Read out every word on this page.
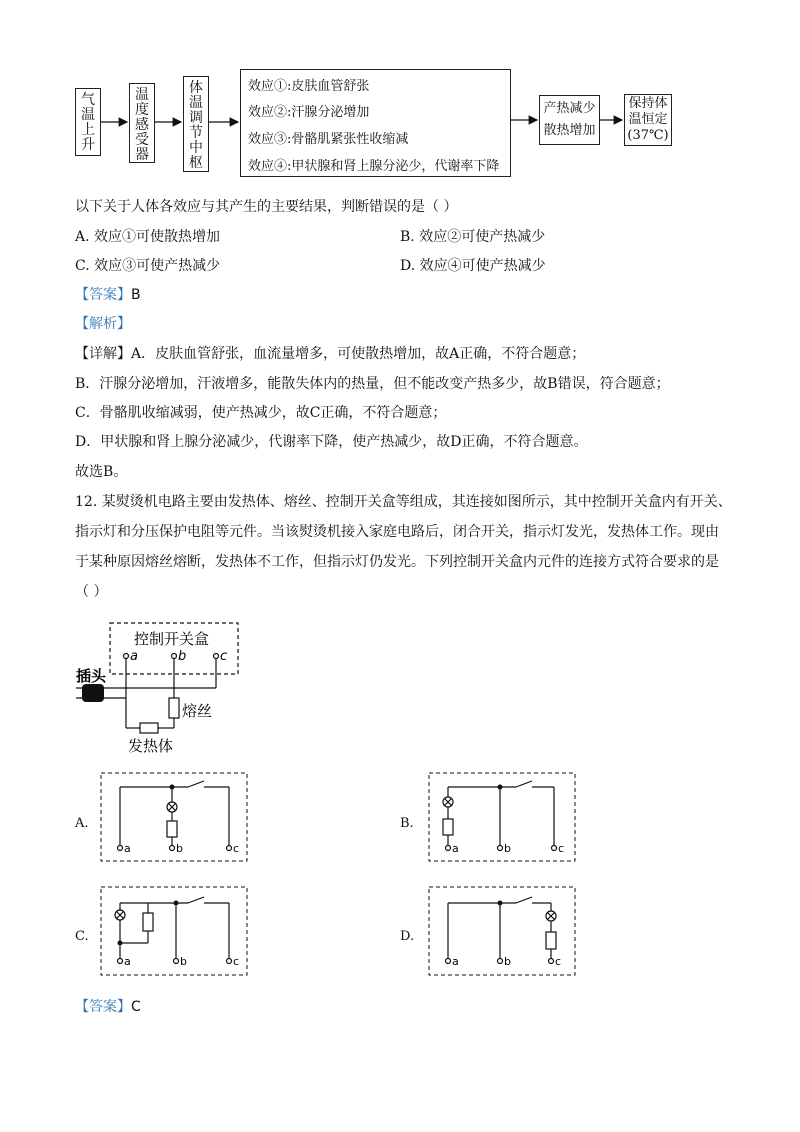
气
温
上
升
温
度
感
受
器
体
温
调
节
中
枢
效应①:皮肤血管舒张
效应②:汗腺分泌增加
效应③:骨骼肌紧张性收缩减
效应④:甲状腺和肾上腺分泌少，代谢率下降
产热减少
散热增加
保持体
温恒定
(37℃)
以下关于人体各效应与其产生的主要结果，判断错误的是（ ）
A. 效应①可使散热增加	B. 效应②可使产热减少
C. 效应③可使产热减少	D. 效应④可使产热减少
【答案】B
【解析】
【详解】A．皮肤血管舒张，血流量增多，可使散热增加，故A正确，不符合题意；
B．汗腺分泌增加，汗液增多，能散失体内的热量，但不能改变产热多少，故B错误，符合题意；
C．骨骼肌收缩减弱，使产热减少，故C正确，不符合题意；
D．甲状腺和肾上腺分泌减少，代谢率下降，使产热减少，故D正确，不符合题意。
故选B。
12. 某熨烫机电路主要由发热体、熔丝、控制开关盒等组成，其连接如图所示，其中控制开关盒内有开关、
指示灯和分压保护电阻等元件。当该熨烫机接入家庭电路后，闭合开关，指示灯发光，发热体工作。现由
于某种原因熔丝熔断，发热体不工作，但指示灯仍发光。下列控制开关盒内元件的连接方式符合要求的是
（ ）
控制开关盒
a	b	c
插头
熔丝
发热体
A.	B.
C.	D.
a	b	c	a	b	c
a	b	c	a	b	c
【答案】C
